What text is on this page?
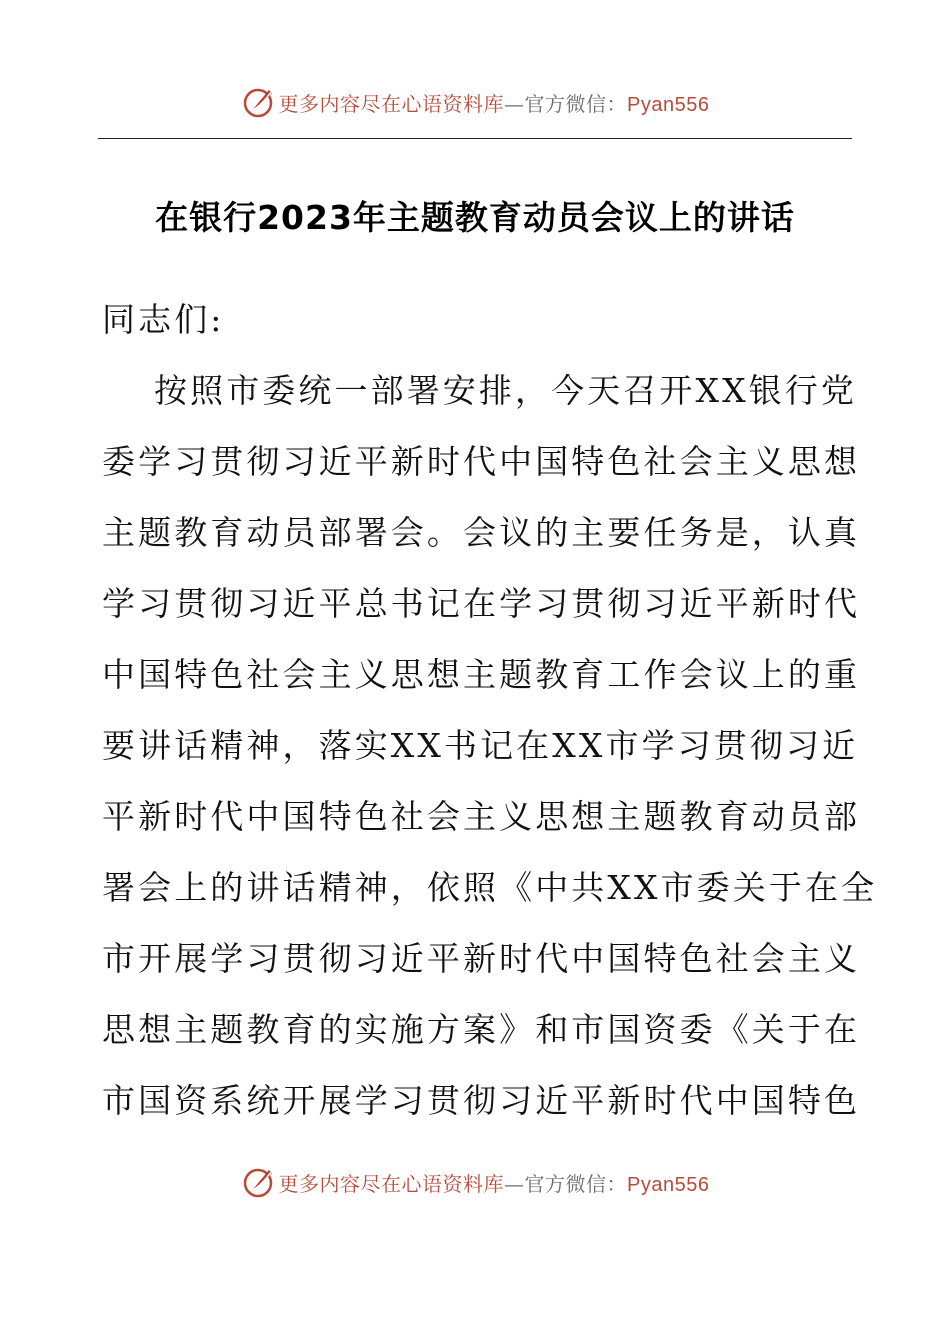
更多内容尽在心语资料库—官方微信：Pyan556
在银行2023年主题教育动员会议上的讲话
同志们:
按照市委统一部署安排，今天召开XX银行党
委学习贯彻习近平新时代中国特色社会主义思想
主题教育动员部署会。会议的主要任务是，认真
学习贯彻习近平总书记在学习贯彻习近平新时代
中国特色社会主义思想主题教育工作会议上的重
要讲话精神，落实XX书记在XX市学习贯彻习近
平新时代中国特色社会主义思想主题教育动员部
署会上的讲话精神，依照《中共XX市委关于在全
市开展学习贯彻习近平新时代中国特色社会主义
思想主题教育的实施方案》和市国资委《关于在
市国资系统开展学习贯彻习近平新时代中国特色
更多内容尽在心语资料库—官方微信：Pyan556
